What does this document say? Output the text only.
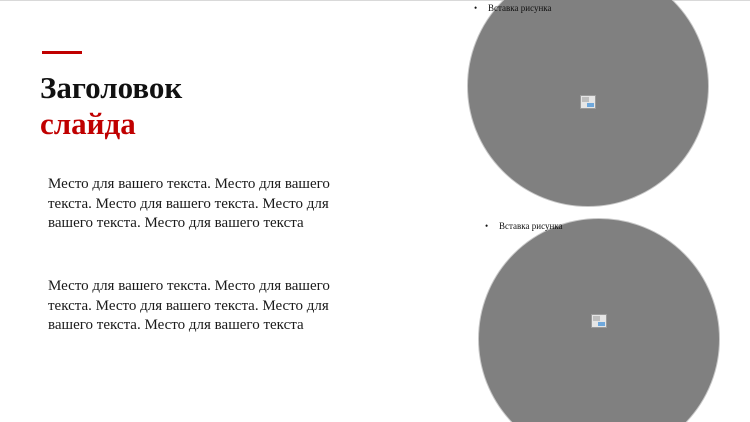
Заголовок
слайда

Место для вашего текста. Место для вашего текста. Место для вашего текста. Место для вашего текста. Место для вашего текста

Место для вашего текста. Место для вашего текста. Место для вашего текста. Место для вашего текста. Место для вашего текста

• Вставка рисунка
• Вставка рисунка
